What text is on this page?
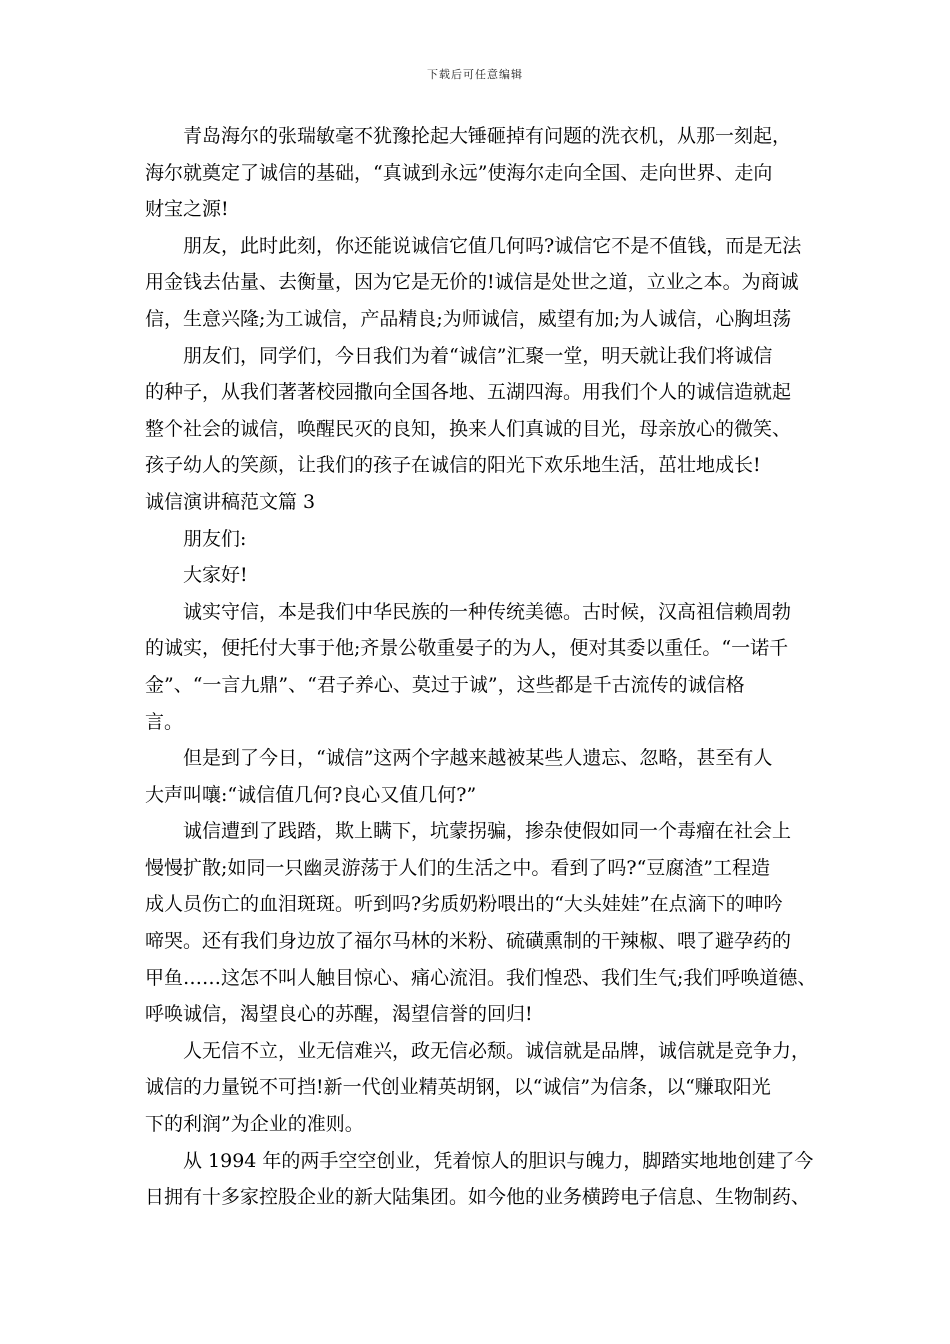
下载后可任意编辑
青岛海尔的张瑞敏毫不犹豫抡起大锤砸掉有问题的洗衣机，从那一刻起，
海尔就奠定了诚信的基础，“真诚到永远”使海尔走向全国、走向世界、走向
财宝之源!
朋友，此时此刻，你还能说诚信它值几何吗?诚信它不是不值钱，而是无法
用金钱去估量、去衡量，因为它是无价的!诚信是处世之道，立业之本。为商诚
信，生意兴隆;为工诚信，产品精良;为师诚信，威望有加;为人诚信，心胸坦荡
朋友们，同学们，今日我们为着“诚信”汇聚一堂，明天就让我们将诚信
的种子，从我们著著校园撒向全国各地、五湖四海。用我们个人的诚信造就起
整个社会的诚信，唤醒民灭的良知，换来人们真诚的目光，母亲放心的微笑、
孩子幼人的笑颜，让我们的孩子在诚信的阳光下欢乐地生活，茁壮地成长!
诚信演讲稿范文篇 3
朋友们:
大家好!
诚实守信，本是我们中华民族的一种传统美德。古时候，汉高祖信赖周勃
的诚实，便托付大事于他;齐景公敬重晏子的为人，便对其委以重任。“一诺千
金”、“一言九鼎”、“君子养心、莫过于诚”，这些都是千古流传的诚信格
言。
但是到了今日，“诚信”这两个字越来越被某些人遗忘、忽略，甚至有人
大声叫嚷:“诚信值几何?良心又值几何?”
诚信遭到了践踏，欺上瞒下，坑蒙拐骗，掺杂使假如同一个毒瘤在社会上
慢慢扩散;如同一只幽灵游荡于人们的生活之中。看到了吗?“豆腐渣”工程造
成人员伤亡的血泪斑斑。听到吗?劣质奶粉喂出的“大头娃娃”在点滴下的呻吟
啼哭。还有我们身边放了福尔马林的米粉、硫磺熏制的干辣椒、喂了避孕药的
甲鱼……这怎不叫人触目惊心、痛心流泪。我们惶恐、我们生气;我们呼唤道德、
呼唤诚信，渴望良心的苏醒，渴望信誉的回归!
人无信不立，业无信难兴，政无信必颓。诚信就是品牌，诚信就是竞争力，
诚信的力量锐不可挡!新一代创业精英胡钢，以“诚信”为信条，以“赚取阳光
下的利润”为企业的准则。
从 1994 年的两手空空创业，凭着惊人的胆识与魄力，脚踏实地地创建了今
日拥有十多家控股企业的新大陆集团。如今他的业务横跨电子信息、生物制药、
